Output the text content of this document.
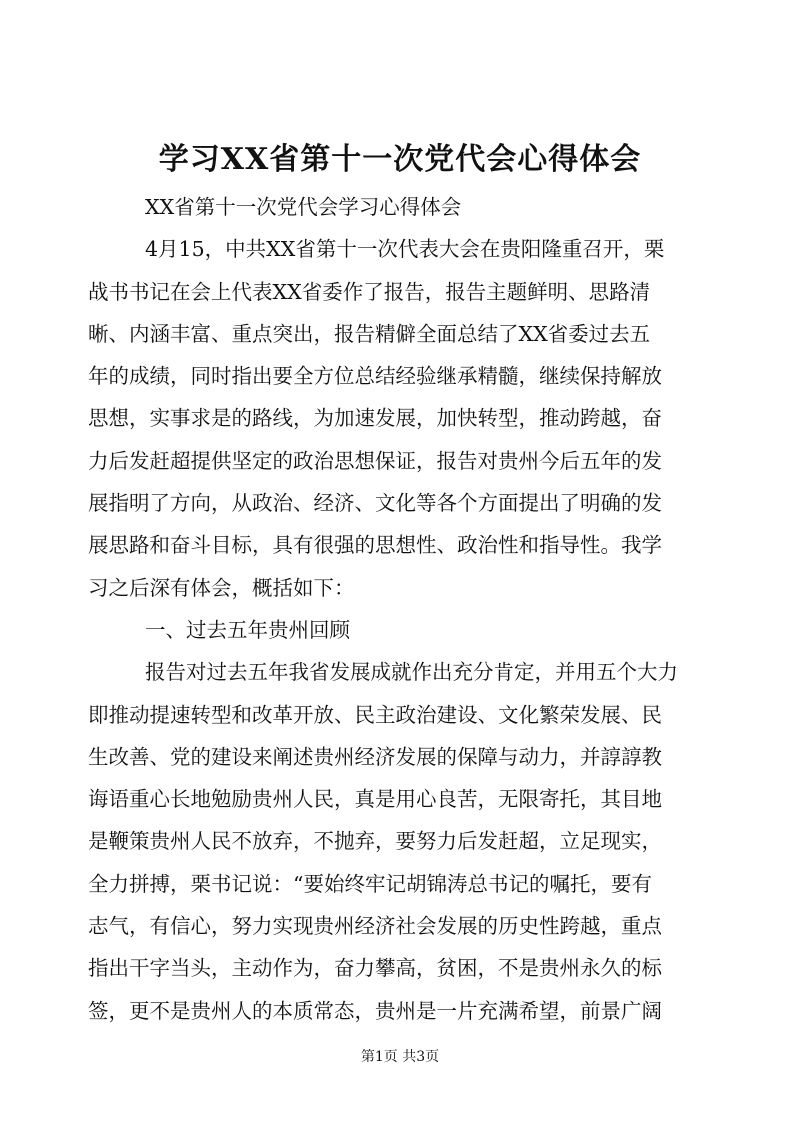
学习XX省第十一次党代会心得体会
XX省第十一次党代会学习心得体会
4月15，中共XX省第十一次代表大会在贵阳隆重召开，栗
战书书记在会上代表XX省委作了报告，报告主题鲜明、思路清
晰、内涵丰富、重点突出，报告精僻全面总结了XX省委过去五
年的成绩，同时指出要全方位总结经验继承精髓，继续保持解放
思想，实事求是的路线，为加速发展，加快转型，推动跨越，奋
力后发赶超提供坚定的政治思想保证，报告对贵州今后五年的发
展指明了方向，从政治、经济、文化等各个方面提出了明确的发
展思路和奋斗目标，具有很强的思想性、政治性和指导性。我学
习之后深有体会，概括如下：
一、过去五年贵州回顾
报告对过去五年我省发展成就作出充分肯定，并用五个大力
即推动提速转型和改革开放、民主政治建设、文化繁荣发展、民
生改善、党的建设来阐述贵州经济发展的保障与动力，并諄諄教
诲语重心长地勉励贵州人民，真是用心良苦，无限寄托，其目地
是鞭策贵州人民不放弃，不抛弃，要努力后发赶超，立足现实，
全力拼搏，栗书记说：“要始终牢记胡锦涛总书记的嘱托，要有
志气，有信心，努力实现贵州经济社会发展的历史性跨越，重点
指出干字当头，主动作为，奋力攀高，贫困，不是贵州永久的标
签，更不是贵州人的本质常态，贵州是一片充满希望，前景广阔
第1页 共3页
